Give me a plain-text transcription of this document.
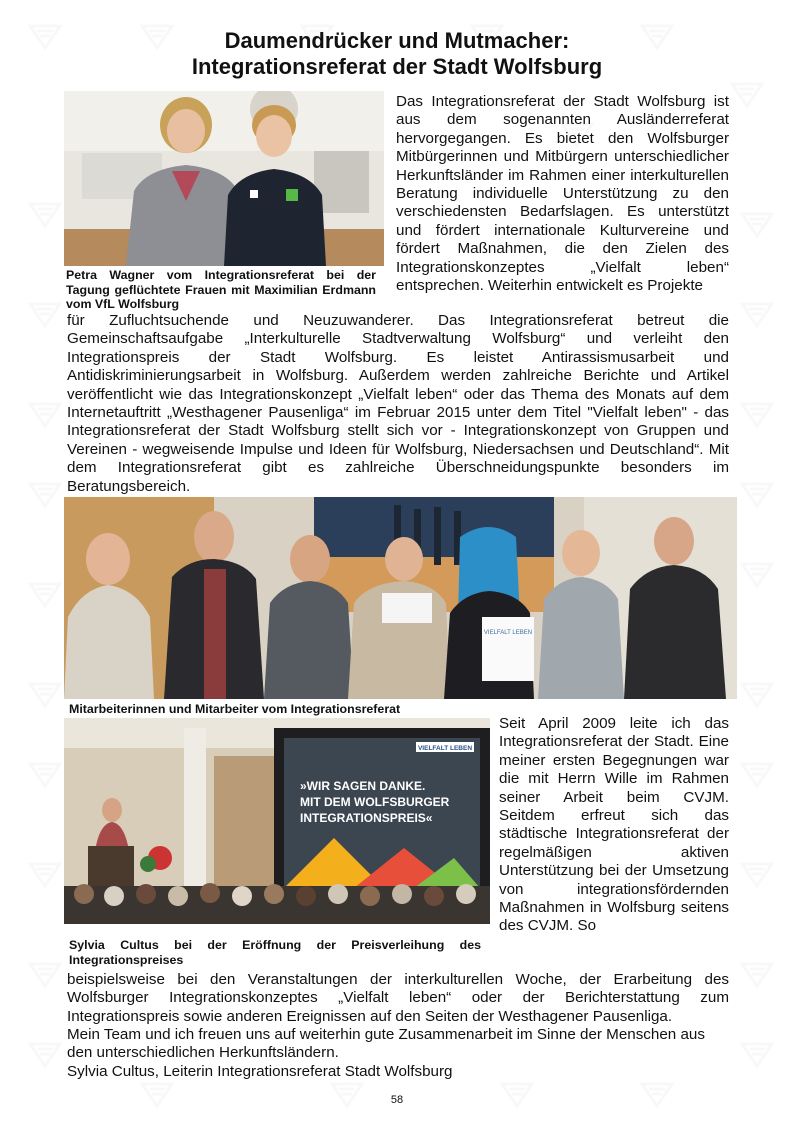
Daumendrücker und Mutmacher:
Integrationsreferat der Stadt Wolfsburg

Petra Wagner vom Integrationsreferat bei der Tagung geflüchtete Frauen mit Maximilian Erdmann vom VfL Wolfsburg

Das Integrationsreferat der Stadt Wolfsburg ist aus dem sogenannten Ausländerreferat hervorgegangen. Es bietet den Wolfsburger Mitbürgerinnen und Mitbürgern unterschiedlicher Herkunftsländer im Rahmen einer interkulturellen Beratung individuelle Unterstützung zu den verschiedensten Bedarfslagen. Es unterstützt und fördert internationale Kulturvereine und fördert Maßnahmen, die den Zielen des Integrationskonzeptes „Vielfalt leben“ entsprechen. Weiterhin entwickelt es Projekte

für Zufluchtsuchende und Neuzuwanderer. Das Integrationsreferat betreut die Gemeinschaftsaufgabe „Interkulturelle Stadtverwaltung Wolfsburg“ und verleiht den Integrationspreis der Stadt Wolfsburg. Es leistet Antirassismusarbeit und Antidiskriminierungsarbeit in Wolfsburg. Außerdem werden zahlreiche Berichte und Artikel veröffentlicht wie das Integrationskonzept „Vielfalt leben“ oder das Thema des Monats auf dem Internetauftritt „Westhagener Pausenliga“ im Februar 2015 unter dem Titel "Vielfalt leben" - das Integrationsreferat der Stadt Wolfsburg stellt sich vor - Integrationskonzept von Gruppen und Vereinen - wegweisende Impulse und Ideen für Wolfsburg, Niedersachsen und Deutschland“. Mit dem Integrationsreferat gibt es zahlreiche Überschneidungspunkte besonders im Beratungsbereich.

VIELFALT LEBEN

Mitarbeiterinnen und Mitarbeiter vom Integrationsreferat

VIELFALT LEBEN
»WIR SAGEN DANKE.
MIT DEM WOLFSBURGER
INTEGRATIONSPREIS«

Sylvia Cultus bei der Eröffnung der Preisverleihung des Integrationspreises

Seit April 2009 leite ich das Integrationsreferat der Stadt. Eine meiner ersten Begegnungen war die mit Herrn Wille im Rahmen seiner Arbeit beim CVJM. Seitdem erfreut sich das städtische Integrationsreferat der regelmäßigen aktiven Unterstützung bei der Umsetzung von integrationsfördernden Maßnahmen in Wolfsburg seitens des CVJM. So

beispielsweise bei den Veranstaltungen der interkulturellen Woche, der Erarbeitung des Wolfsburger Integrationskonzeptes „Vielfalt leben“ oder der Berichterstattung zum Integrationspreis sowie anderen Ereignissen auf den Seiten der Westhagener Pausenliga.

Mein Team und ich freuen uns auf weiterhin gute Zusammenarbeit im Sinne der Menschen aus den unterschiedlichen Herkunftsländern.

Sylvia Cultus, Leiterin Integrationsreferat Stadt Wolfsburg

58
